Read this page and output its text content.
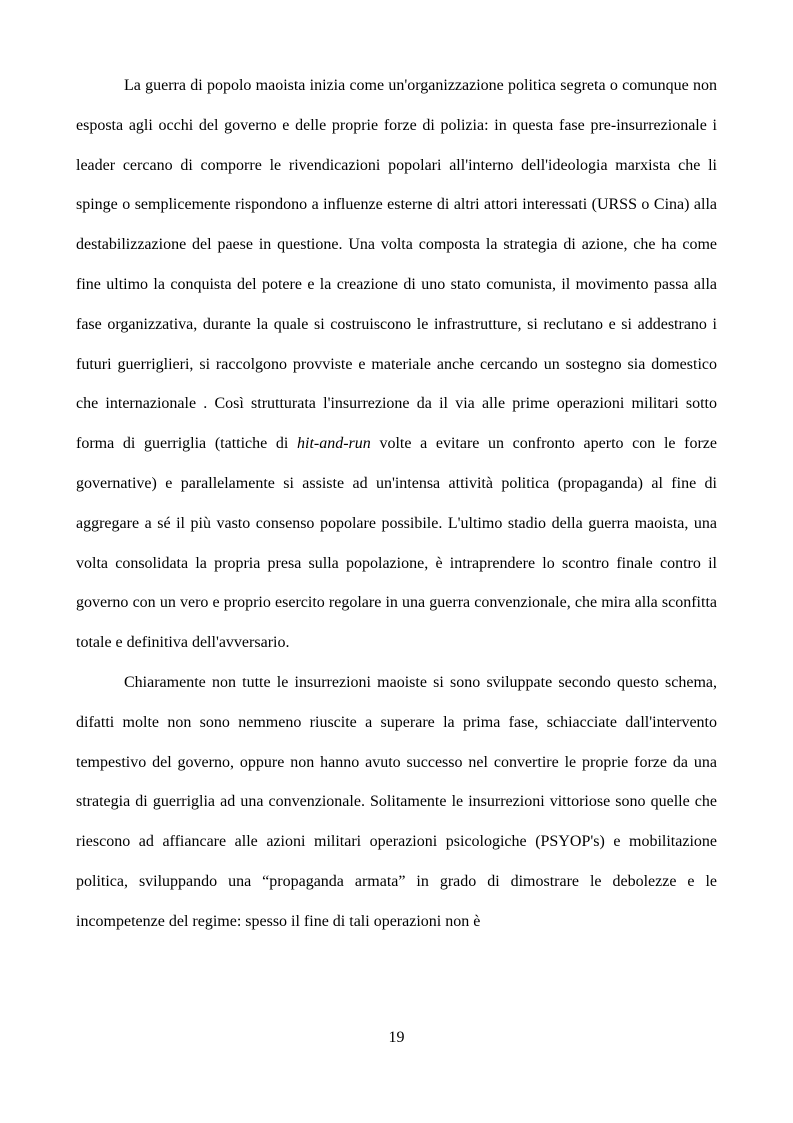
La guerra di popolo maoista inizia come un'organizzazione politica segreta o comunque non esposta agli occhi del governo e delle proprie forze di polizia: in questa fase pre-insurrezionale i leader cercano di comporre le rivendicazioni popolari all'interno dell'ideologia marxista che li spinge o semplicemente rispondono a influenze esterne di altri attori interessati (URSS o Cina) alla destabilizzazione del paese in questione. Una volta composta la strategia di azione, che ha come fine ultimo la conquista del potere e la creazione di uno stato comunista, il movimento passa alla fase organizzativa, durante la quale si costruiscono le infrastrutture, si reclutano e si addestrano i futuri guerriglieri, si raccolgono provviste e materiale anche cercando un sostegno sia domestico che internazionale . Così strutturata l'insurrezione da il via alle prime operazioni militari sotto forma di guerriglia (tattiche di hit-and-run volte a evitare un confronto aperto con le forze governative) e parallelamente si assiste ad un'intensa attività politica (propaganda) al fine di aggregare a sé il più vasto consenso popolare possibile. L'ultimo stadio della guerra maoista, una volta consolidata la propria presa sulla popolazione, è intraprendere lo scontro finale contro il governo con un vero e proprio esercito regolare in una guerra convenzionale, che mira alla sconfitta totale e definitiva dell'avversario.

Chiaramente non tutte le insurrezioni maoiste si sono sviluppate secondo questo schema, difatti molte non sono nemmeno riuscite a superare la prima fase, schiacciate dall'intervento tempestivo del governo, oppure non hanno avuto successo nel convertire le proprie forze da una strategia di guerriglia ad una convenzionale. Solitamente le insurrezioni vittoriose sono quelle che riescono ad affiancare alle azioni militari operazioni psicologiche (PSYOP's) e mobilitazione politica, sviluppando una “propaganda armata” in grado di dimostrare le debolezze e le incompetenze del regime: spesso il fine di tali operazioni non è

19
